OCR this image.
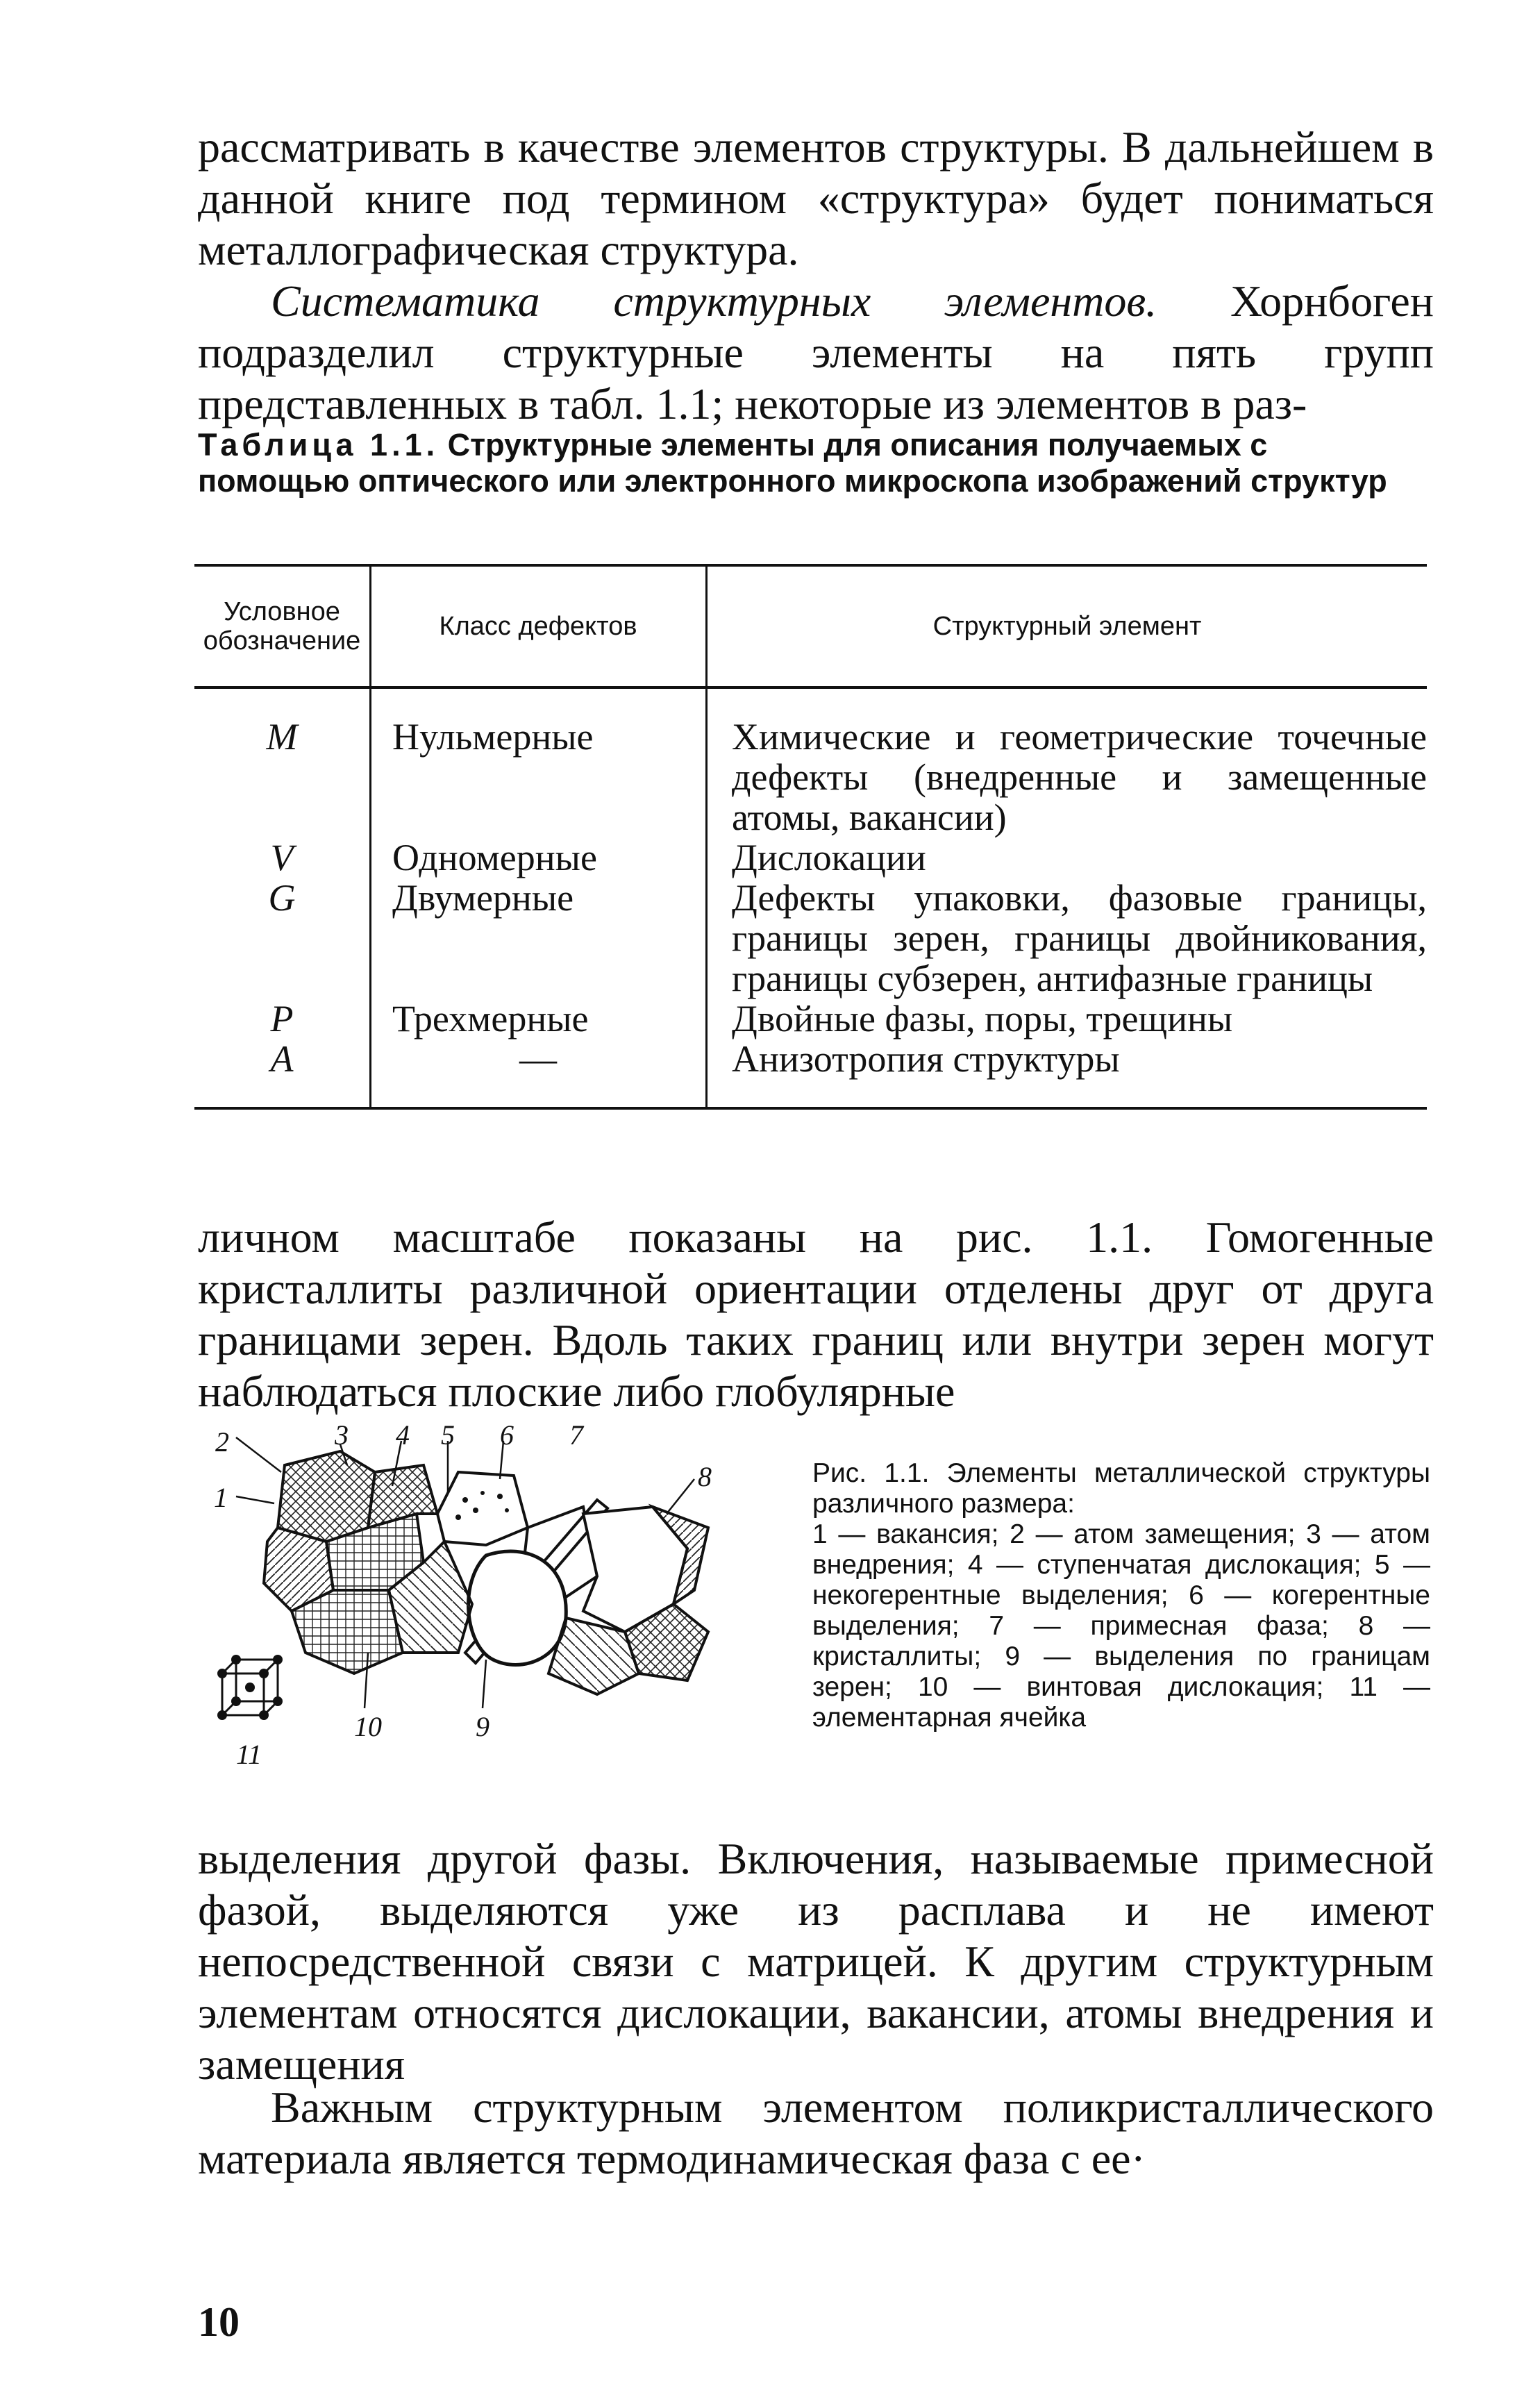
рассматривать в качестве элементов структуры. В дальнейшем в данной книге под термином «структура» будет пониматься металлографическая структура.

Систематика структурных элементов. Хорнбоген подразделил структурные элементы на пять групп представленных в табл. 1.1; некоторые из элементов в раз-

Таблица 1.1. Структурные элементы для описания получаемых с помощью оптического или электронного микроскопа изображений структур

Условное обозначение	Класс дефектов	Структурный элемент
M	Нульмерные	Химические и геометрические точечные дефекты (внедренные и замещенные атомы, вакансии)
V	Одномерные	Дислокации
G	Двумерные	Дефекты упаковки, фазовые границы, границы зерен, границы двойникования, границы субзерен, антифазные границы
P	Трехмерные	Двойные фазы, поры, трещины
A	—	Анизотропия структуры

личном масштабе показаны на рис. 1.1. Гомогенные кристаллиты различной ориентации отделены друг от друга границами зерен. Вдоль таких границ или внутри зерен могут наблюдаться плоские либо глобулярные

2
1
3 4 5 6 7
8
9
10
11

Рис. 1.1. Элементы металлической структуры различного размера:
1 — вакансия; 2 — атом замещения; 3 — атом внедрения; 4 — ступенчатая дислокация; 5 — некогерентные выделения; 6 — когерентные выделения; 7 — примесная фаза; 8 — кристаллиты; 9 — выделения по границам зерен; 10 — винтовая дислокация; 11 — элементарная ячейка

выделения другой фазы. Включения, называемые примесной фазой, выделяются уже из расплава и не имеют непосредственной связи с матрицей. К другим структурным элементам относятся дислокации, вакансии, атомы внедрения и замещения

Важным структурным элементом поликристаллического материала является термодинамическая фаза с ее·

10
